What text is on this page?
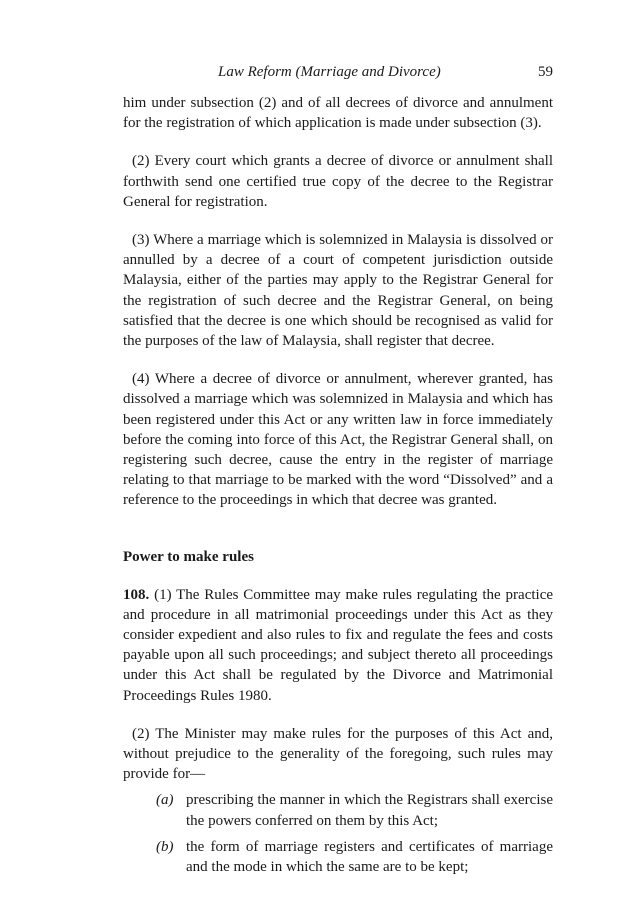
Law Reform (Marriage and Divorce)	59

him under subsection (2) and of all decrees of divorce and annulment for the registration of which application is made under subsection (3).

(2) Every court which grants a decree of divorce or annulment shall forthwith send one certified true copy of the decree to the Registrar General for registration.

(3) Where a marriage which is solemnized in Malaysia is dissolved or annulled by a decree of a court of competent jurisdiction outside Malaysia, either of the parties may apply to the Registrar General for the registration of such decree and the Registrar General, on being satisfied that the decree is one which should be recognised as valid for the purposes of the law of Malaysia, shall register that decree.

(4) Where a decree of divorce or annulment, wherever granted, has dissolved a marriage which was solemnized in Malaysia and which has been registered under this Act or any written law in force immediately before the coming into force of this Act, the Registrar General shall, on registering such decree, cause the entry in the register of marriage relating to that marriage to be marked with the word “Dissolved” and a reference to the proceedings in which that decree was granted.

Power to make rules

108. (1) The Rules Committee may make rules regulating the practice and procedure in all matrimonial proceedings under this Act as they consider expedient and also rules to fix and regulate the fees and costs payable upon all such proceedings; and subject thereto all proceedings under this Act shall be regulated by the Divorce and Matrimonial Proceedings Rules 1980.

(2) The Minister may make rules for the purposes of this Act and, without prejudice to the generality of the foregoing, such rules may provide for—

(a) prescribing the manner in which the Registrars shall exercise the powers conferred on them by this Act;
(b) the form of marriage registers and certificates of marriage and the mode in which the same are to be kept;
